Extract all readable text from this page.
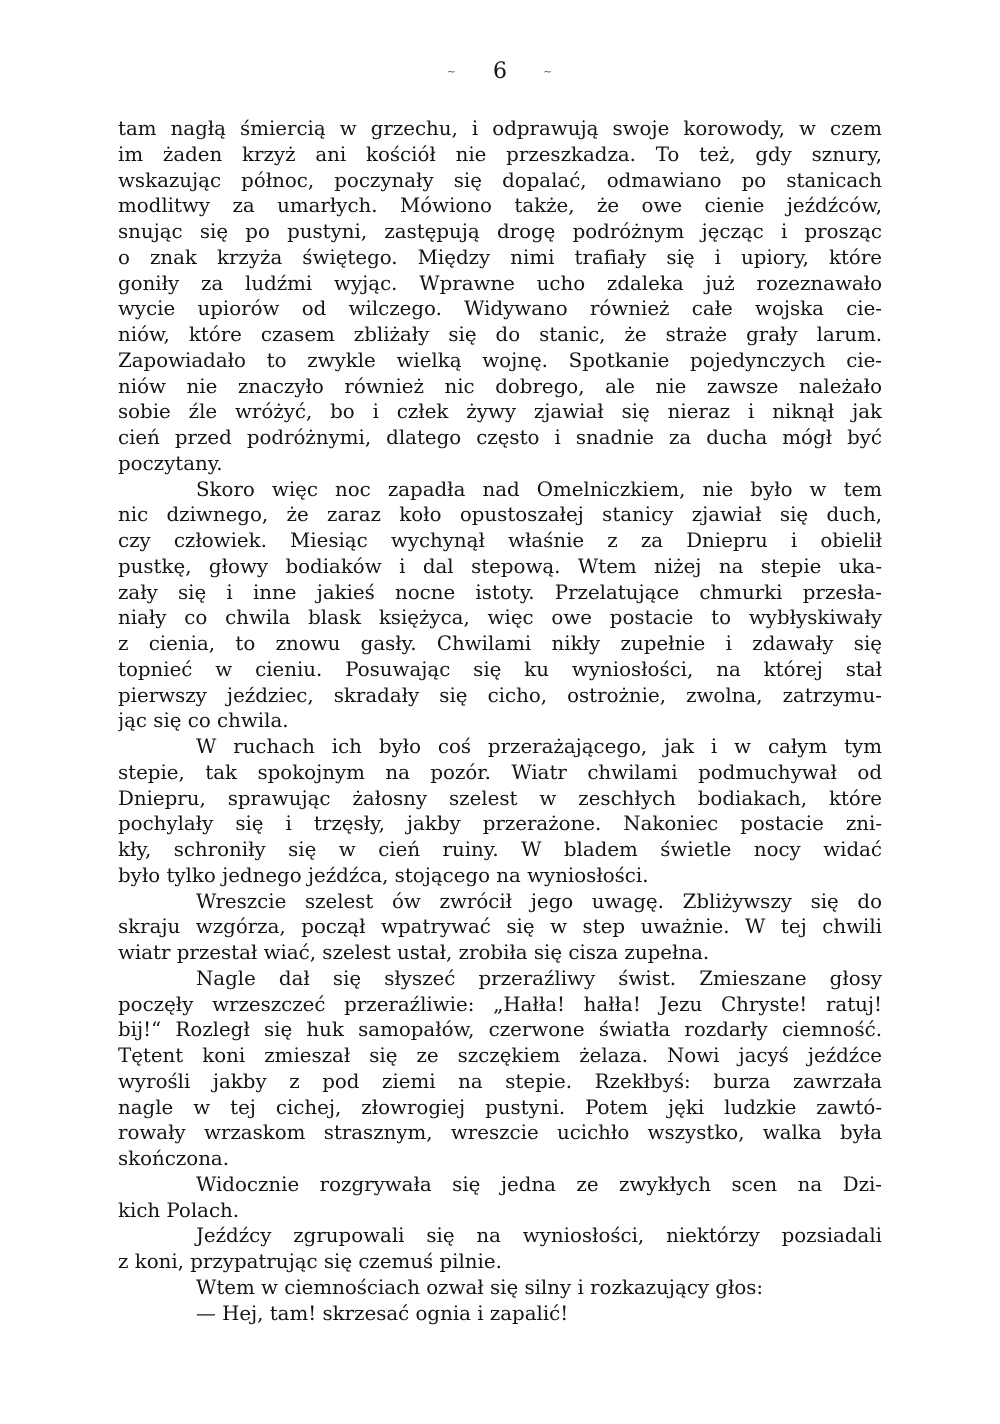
~ 6	~
tam nagłą śmiercią w grzechu, i odprawują swoje korowody, w czem
im żaden krzyż ani kościół nie przeszkadza. To też, gdy sznury,
wskazując północ, poczynały się dopalać, odmawiano po stanicach
modlitwy za umarłych. Mówiono także, że owe cienie jeźdźców,
snując się po pustyni, zastępują drogę podróżnym jęcząc i prosząc
o znak krzyża świętego. Między nimi trafiały się i upiory, które
goniły za ludźmi wyjąc. Wprawne ucho zdaleka już rozeznawało
wycie upiorów od wilczego. Widywano również całe wojska cie-
niów, które czasem zbliżały się do stanic, że straże grały larum.
Zapowiadało to zwykle wielką wojnę. Spotkanie pojedynczych cie-
niów nie znaczyło również nic dobrego, ale nie zawsze należało
sobie źle wróżyć, bo i człek żywy zjawiał się nieraz i niknął jak
cień przed podróżnymi, dlatego często i snadnie za ducha mógł być
poczytany.
Skoro więc noc zapadła nad Omelniczkiem, nie było w tem
nic dziwnego, że zaraz koło opustoszałej stanicy zjawiał się duch,
czy człowiek. Miesiąc wychynął właśnie z za Dniepru i obielił
pustkę, głowy bodiaków i dal stepową. Wtem niżej na stepie uka-
zały się i inne jakieś nocne istoty. Przelatujące chmurki przesła-
niały co chwila blask księżyca, więc owe postacie to wybłyskiwały
z cienia, to znowu gasły. Chwilami nikły zupełnie i zdawały się
topnieć w cieniu. Posuwając się ku wyniosłości, na której stał
pierwszy jeździec, skradały się cicho, ostrożnie, zwolna, zatrzymu-
jąc się co chwila.
W ruchach ich było coś przerażającego, jak i w całym tym
stepie, tak spokojnym na pozór. Wiatr chwilami podmuchywał od
Dniepru, sprawując żałosny szelest w zeschłych bodiakach, które
pochylały się i trzęsły, jakby przerażone. Nakoniec postacie zni-
kły, schroniły się w cień ruiny. W bladem świetle nocy widać
było tylko jednego jeźdźca, stojącego na wyniosłości.
Wreszcie szelest ów zwrócił jego uwagę. Zbliżywszy się do
skraju wzgórza, począł wpatrywać się w step uważnie. W tej chwili
wiatr przestał wiać, szelest ustał, zrobiła się cisza zupełna.
Nagle dał się słyszeć przeraźliwy świst. Zmieszane głosy
poczęły wrzeszczeć przeraźliwie: „Hałła! hałła! Jezu Chryste! ratuj!
bij!“ Rozległ się huk samopałów, czerwone światła rozdarły ciemność.
Tętent koni zmieszał się ze szczękiem żelaza. Nowi jacyś jeźdźce
wyrośli jakby z pod ziemi na stepie. Rzekłbyś: burza zawrzała
nagle w tej cichej, złowrogiej pustyni. Potem jęki ludzkie zawtó-
rowały wrzaskom strasznym, wreszcie ucichło wszystko, walka była
skończona.
Widocznie rozgrywała się jedna ze zwykłych scen na Dzi-
kich Polach.
Jeźdźcy zgrupowali się na wyniosłości, niektórzy pozsiadali
z koni, przypatrując się czemuś pilnie.
Wtem w ciemnościach ozwał się silny i rozkazujący głos:
— Hej, tam! skrzesać ognia i zapalić!
